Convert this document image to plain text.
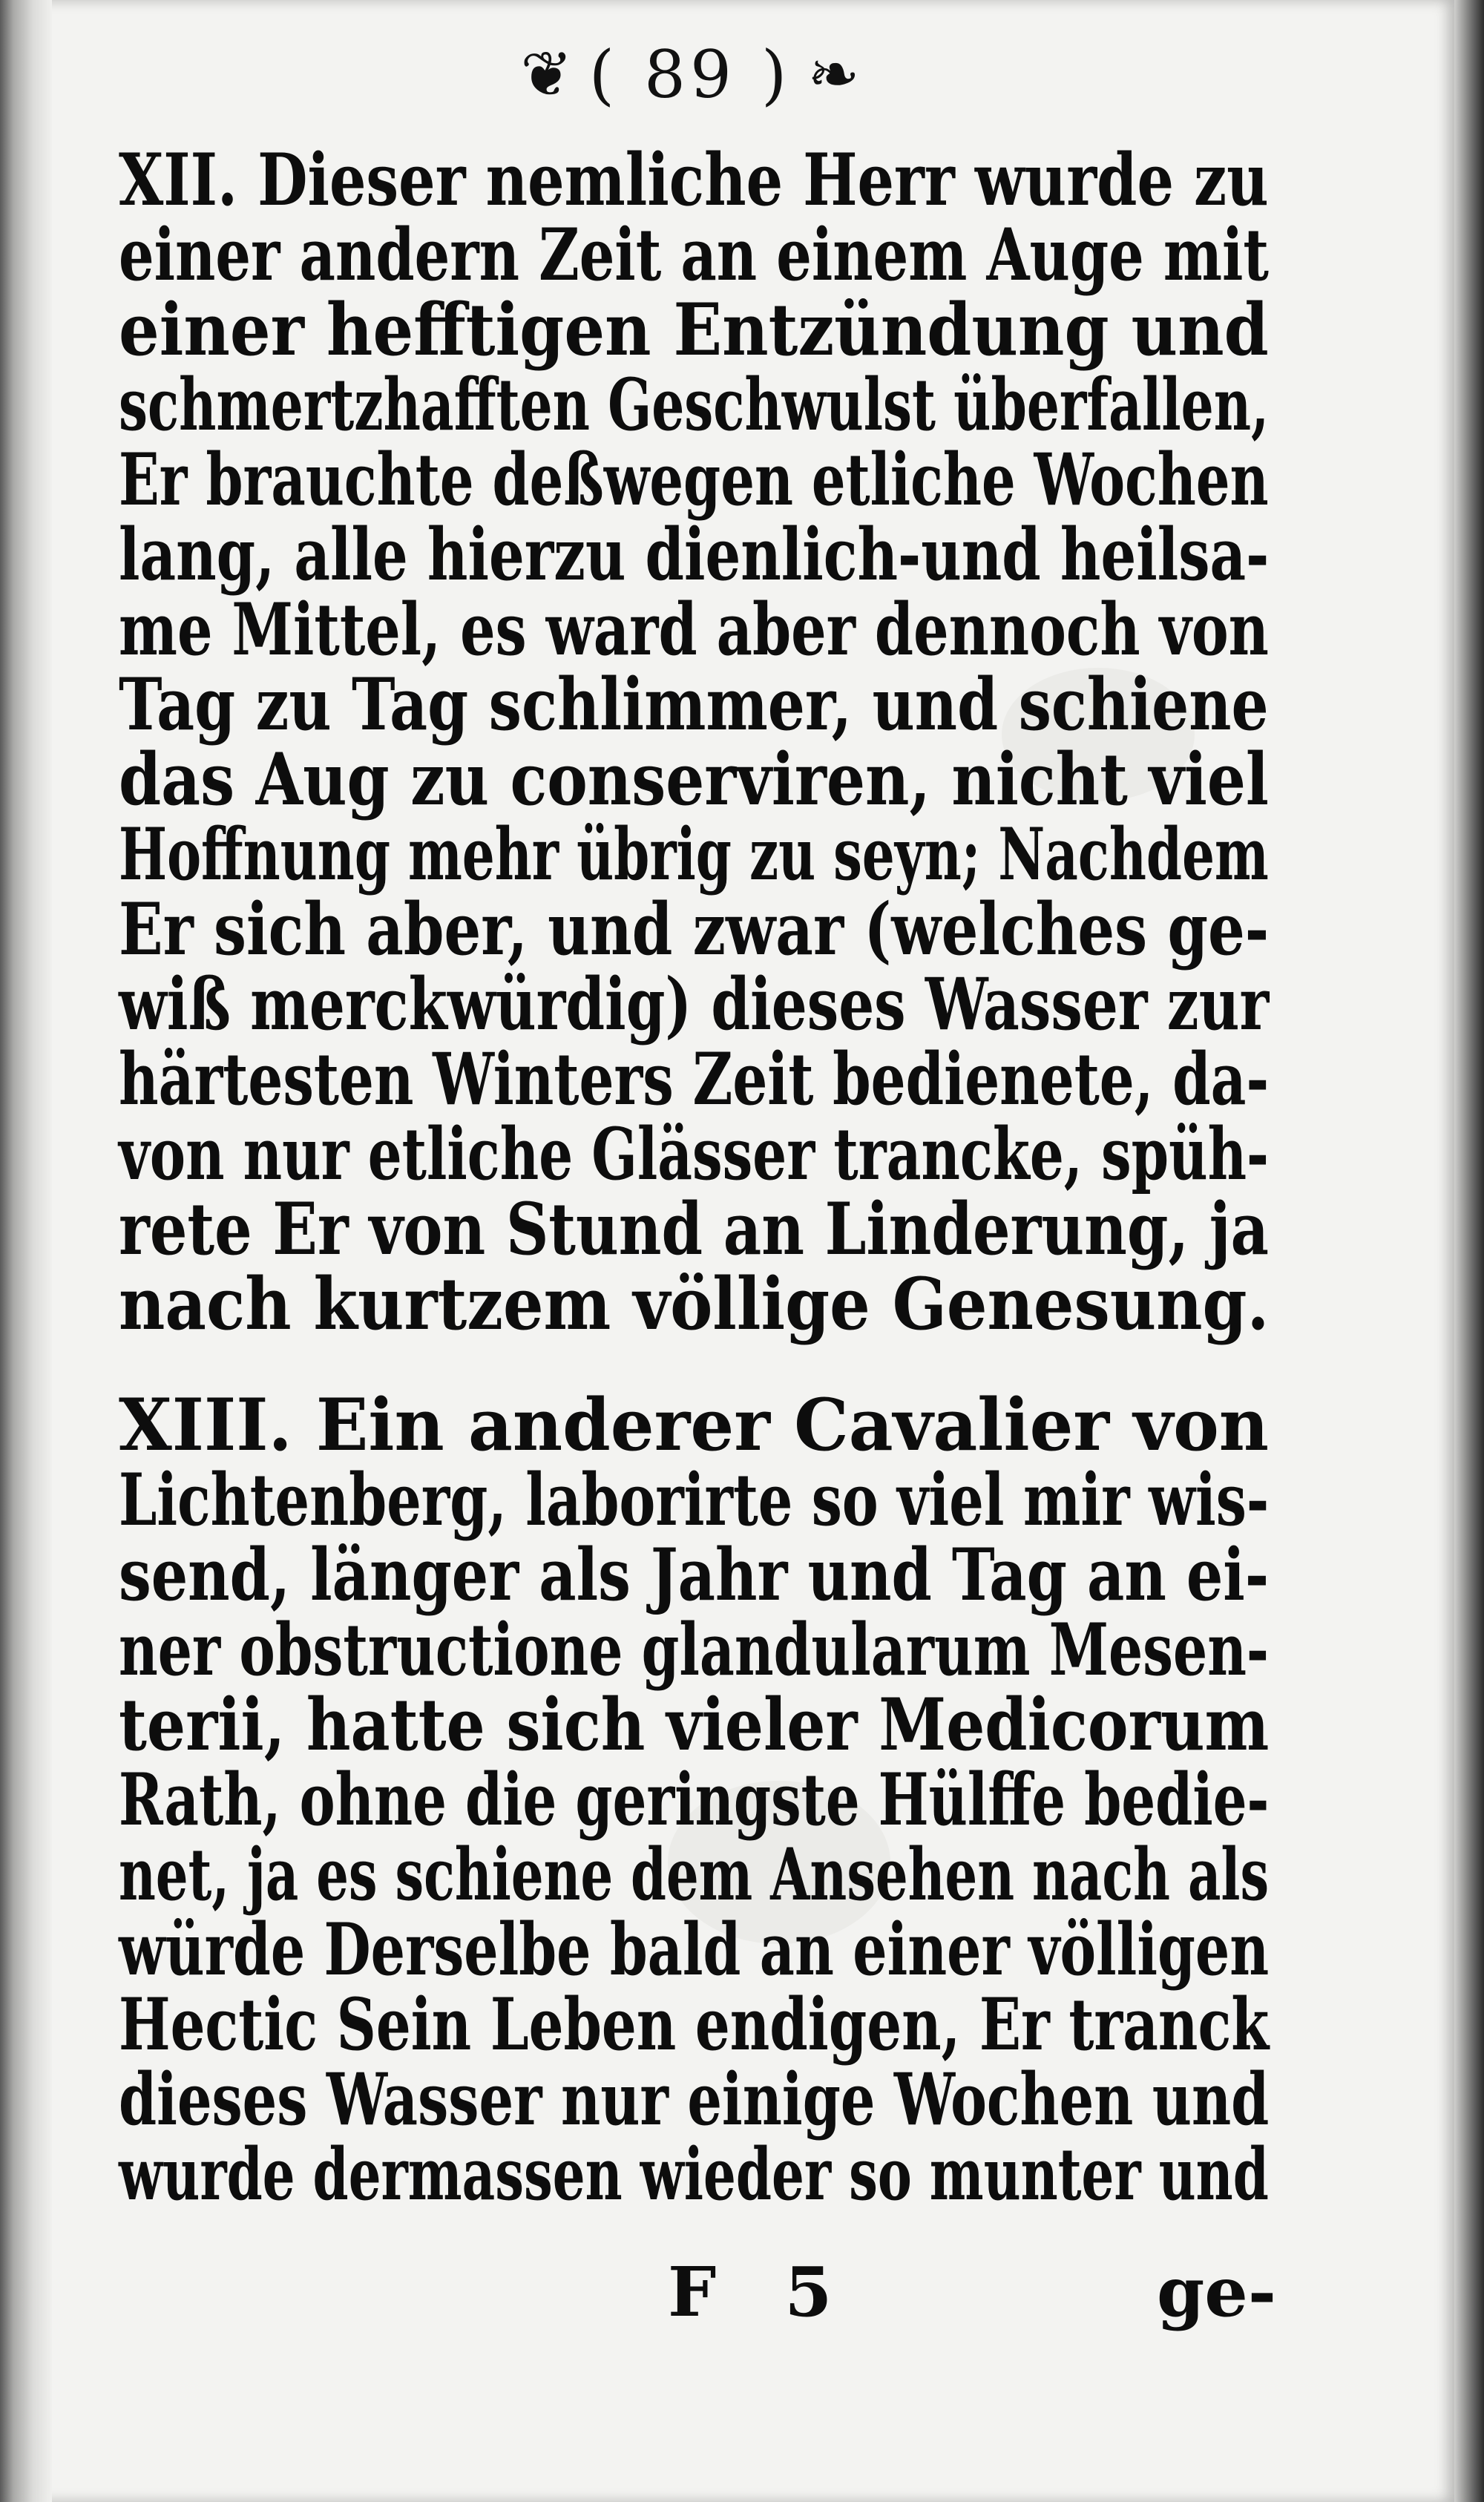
❦ ( 89 ) ❧
XII. Dieser nemliche Herr wurde zu
einer andern Zeit an einem Auge mit
einer hefftigen Entzündung und
schmertzhafften Geschwulst überfallen,
Er brauchte deßwegen etliche Wochen
lang, alle hierzu dienlich-und heilsa-
me Mittel, es ward aber dennoch von
Tag zu Tag schlimmer, und schiene
das Aug zu conserviren, nicht viel
Hoffnung mehr übrig zu seyn; Nachdem
Er sich aber, und zwar (welches ge-
wiß merckwürdig) dieses Wasser zur
härtesten Winters Zeit bedienete, da-
von nur etliche Glässer trancke, spüh-
rete Er von Stund an Linderung, ja
nach kurtzem völlige Genesung.
XIII. Ein anderer Cavalier von
Lichtenberg, laborirte so viel mir wis-
send, länger als Jahr und Tag an ei-
ner obstructione glandularum Mesen-
terii, hatte sich vieler Medicorum
Rath, ohne die geringste Hülffe bedie-
net, ja es schiene dem Ansehen nach als
würde Derselbe bald an einer völligen
Hectic Sein Leben endigen, Er tranck
dieses Wasser nur einige Wochen und
wurde dermassen wieder so munter und
F 5	ge-
